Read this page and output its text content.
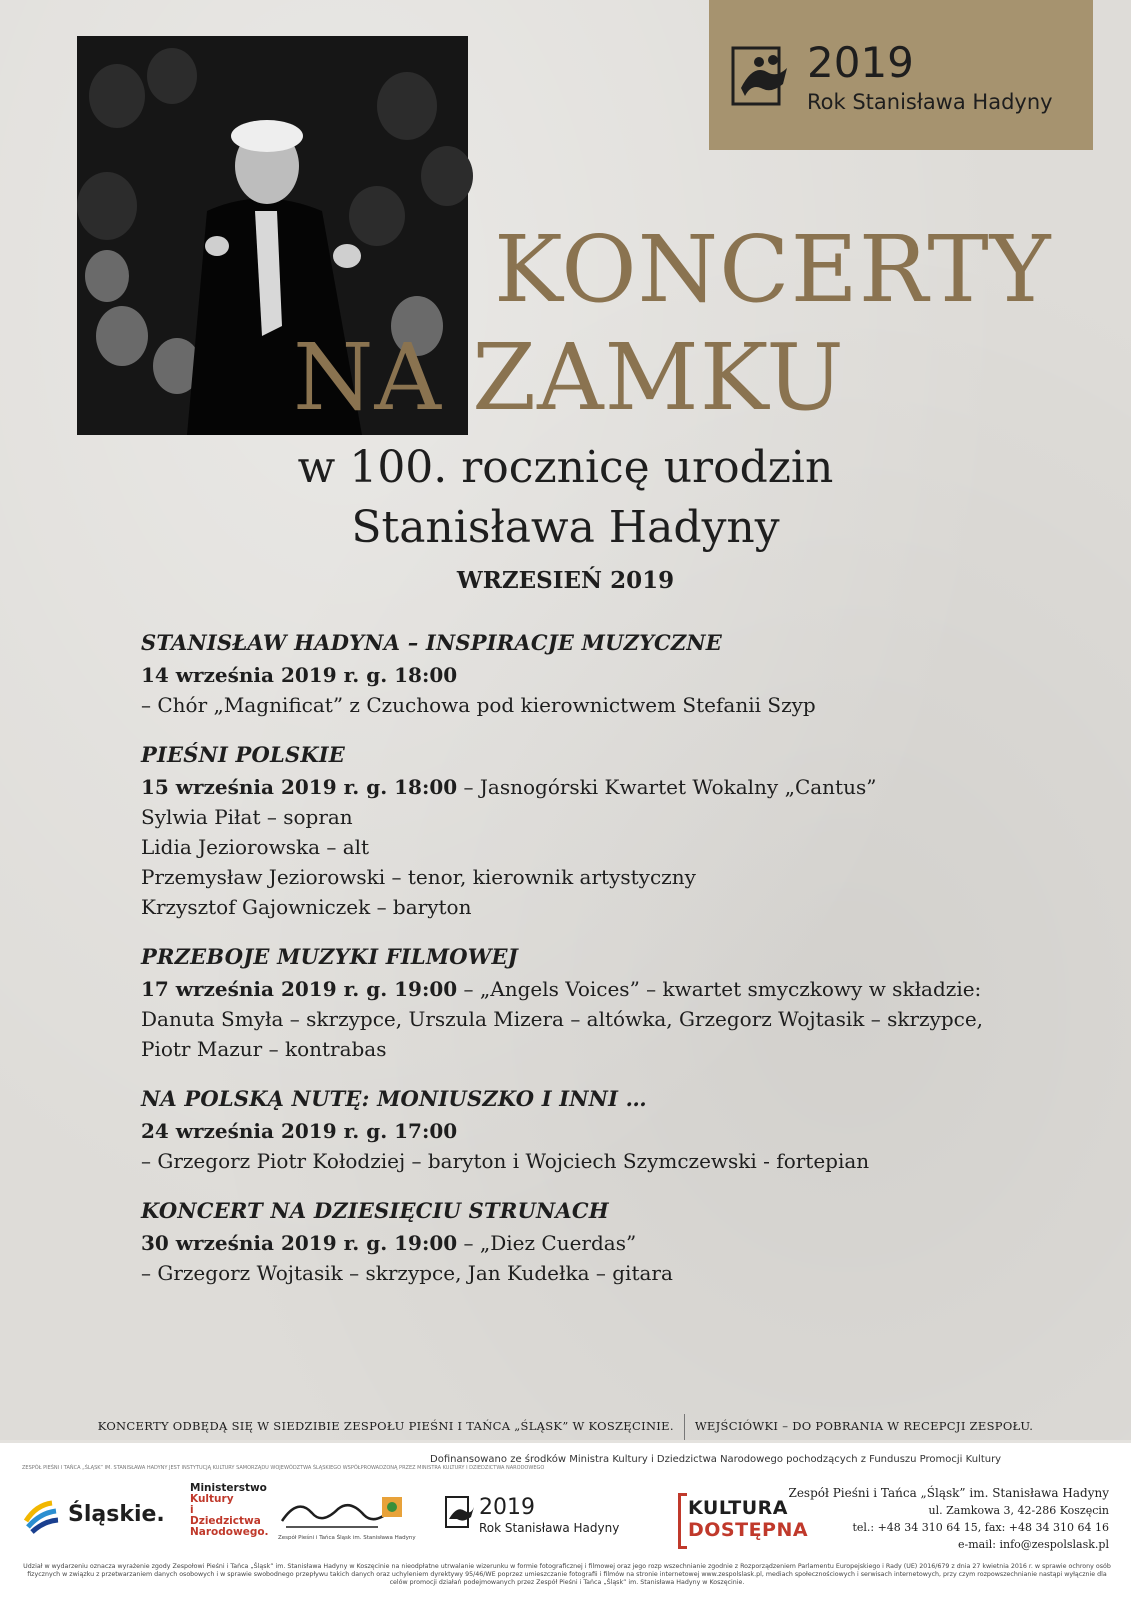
2019
Rok Stanisława Hadyny
KONCERTY
NA ZAMKU
w 100. rocznicę urodzin
Stanisława Hadyny
WRZESIEŃ 2019
STANISŁAW HADYNA – INSPIRACJE MUZYCZNE
14 września 2019 r. g. 18:00
– Chór „Magnificat” z Czuchowa pod kierownictwem Stefanii Szyp
PIEŚNI POLSKIE
15 września 2019 r. g. 18:00 – Jasnogórski Kwartet Wokalny „Cantus”
Sylwia Piłat – sopran
Lidia Jeziorowska – alt
Przemysław Jeziorowski – tenor, kierownik artystyczny
Krzysztof Gajowniczek – baryton
PRZEBOJE MUZYKI FILMOWEJ
17 września 2019 r. g. 19:00 – „Angels Voices” – kwartet smyczkowy w składzie:
Danuta Smyła – skrzypce, Urszula Mizera – altówka, Grzegorz Wojtasik – skrzypce,
Piotr Mazur – kontrabas
NA POLSKĄ NUTĘ: MONIUSZKO I INNI …
24 września 2019 r. g. 17:00
– Grzegorz Piotr Kołodziej – baryton i Wojciech Szymczewski - fortepian
KONCERT NA DZIESIĘCIU STRUNACH
30 września 2019 r. g. 19:00 – „Diez Cuerdas”
– Grzegorz Wojtasik – skrzypce, Jan Kudełka – gitara
KONCERTY ODBĘDĄ SIĘ W SIEDZIBIE ZESPOŁU PIEŚNI I TAŃCA „ŚLĄSK” W KOSZĘCINIE. WEJŚCIÓWKI – DO POBRANIA W RECEPCJI ZESPOŁU.
ZESPÓŁ PIEŚNI I TAŃCA „ŚLĄSK” IM. STANISŁAWA HADYNY JEST INSTYTUCJĄ KULTURY SAMORZĄDU WOJEWÓDZTWA ŚLĄSKIEGO WSPÓŁPROWADZONĄ PRZEZ MINISTRA KULTURY I DZIEDZICTWA NARODOWEGO
Dofinansowano ze środków Ministra Kultury i Dziedzictwa Narodowego pochodzących z Funduszu Promocji Kultury
Śląskie.
Ministerstwo
Kultury
i Dziedzictwa
Narodowego. Zespół Pieśni i Tańca Śląsk im. Stanisława Hadyny
2019
Rok Stanisława Hadyny
KULTURA
DOSTĘPNA
Zespół Pieśni i Tańca „Śląsk” im. Stanisława Hadyny
ul. Zamkowa 3, 42-286 Koszęcin
tel.: +48 34 310 64 15, fax: +48 34 310 64 16
e-mail: info@zespolslask.pl
Udział w wydarzeniu oznacza wyrażenie zgody Zespołowi Pieśni i Tańca „Śląsk” im. Stanisława Hadyny w Koszęcinie na nieodpłatne utrwalanie wizerunku w formie fotograficznej i filmowej oraz jego rozp wszechnianie zgodnie z Rozporządzeniem Parlamentu Europejskiego i Rady (UE) 2016/679 z dnia 27 kwietnia 2016 r. w sprawie ochrony osób fizycznych w związku z przetwarzaniem danych osobowych i w sprawie swobodnego przepływu takich danych oraz uchyleniem dyrektywy 95/46/WE poprzez umieszczanie fotografii i filmów na stronie internetowej www.zespolslask.pl, mediach społecznościowych i serwisach internetowych, przy czym rozpowszechnianie nastąpi wyłącznie dla celów promocji działań podejmowanych przez Zespół Pieśni i Tańca „Śląsk” im. Stanisława Hadyny w Koszęcinie.
